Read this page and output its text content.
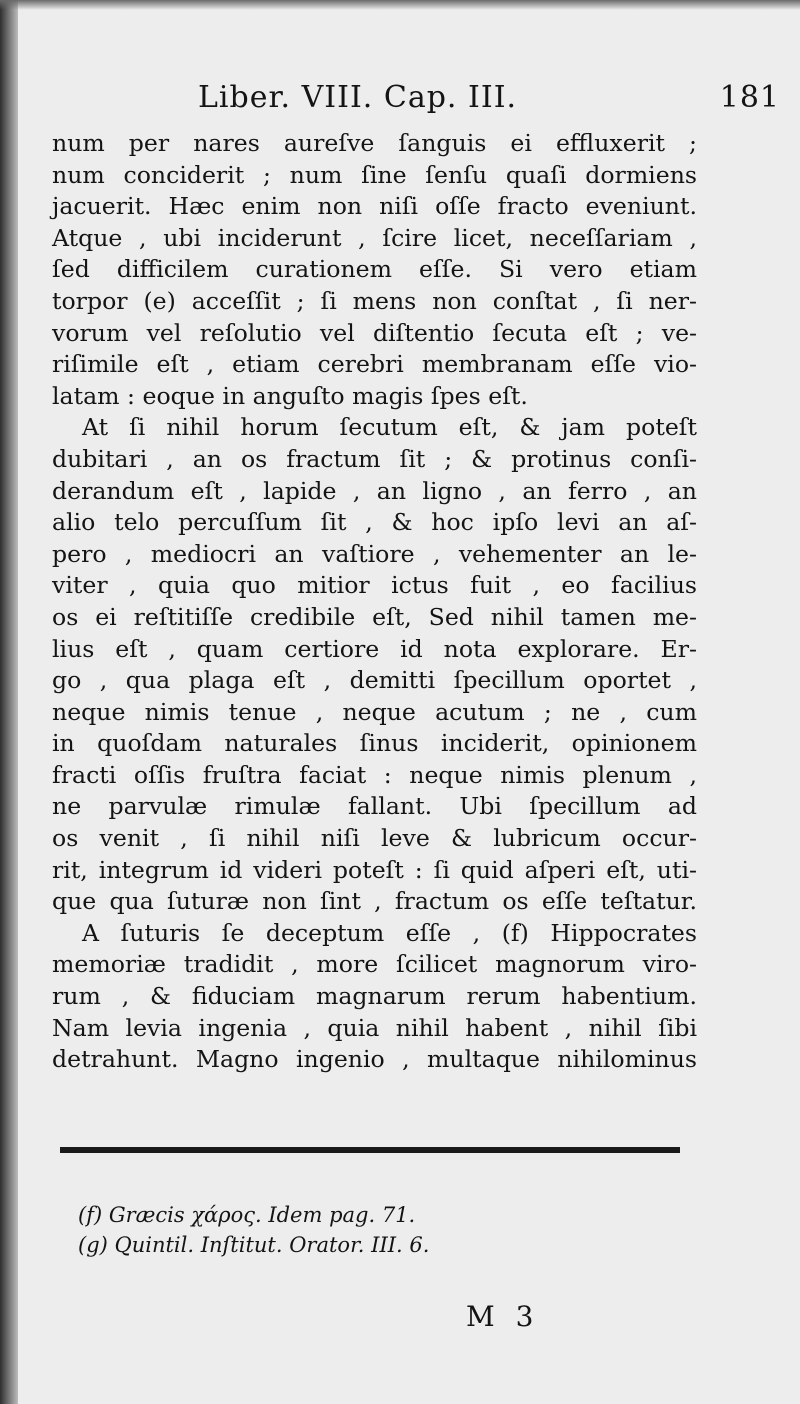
Liber. VIII. Cap. III.	181
num per nares aureſve ſanguis ei effluxerit ;
num conciderit ; num ſine ſenſu quaſi dormiens
jacuerit. Hæc enim non niſi oſſe fracto eveniunt.
Atque , ubi inciderunt , ſcire licet, neceſſariam ,
ſed difficilem curationem eſſe. Si vero etiam
torpor (e) acceſſit ; ſi mens non conſtat , ſi ner-
vorum vel reſolutio vel diſtentio ſecuta eſt ; ve-
riſimile eſt , etiam cerebri membranam eſſe vio-
latam : eoque in anguſto magis ſpes eſt.
At ſi nihil horum ſecutum eſt, & jam poteſt
dubitari , an os fractum ſit ; & protinus conſi-
derandum eſt , lapide , an ligno , an ferro , an
alio telo percuſſum ſit , & hoc ipſo levi an aſ-
pero , mediocri an vaſtiore , vehementer an le-
viter , quia quo mitior ictus fuit , eo facilius
os ei reſtitiſſe credibile eſt, Sed nihil tamen me-
lius eſt , quam certiore id nota explorare. Er-
go , qua plaga eſt , demitti ſpecillum oportet ,
neque nimis tenue , neque acutum ; ne , cum
in quoſdam naturales ſinus inciderit, opinionem
fracti oſſis fruſtra faciat : neque nimis plenum ,
ne parvulæ rimulæ fallant. Ubi ſpecillum ad
os venit , ſi nihil niſi leve & lubricum occur-
rit, integrum id videri poteſt : ſi quid aſperi eſt, uti-
que qua ſuturæ non ſint , fractum os eſſe teſtatur.
A ſuturis ſe deceptum eſſe , (f) Hippocrates
memoriæ tradidit , more ſcilicet magnorum viro-
rum , & fiduciam magnarum rerum habentium.
Nam levia ingenia , quia nihil habent , nihil ſibi
detrahunt. Magno ingenio , multaque nihilominus
(f) Græcis χάρος. Idem pag. 71.
(g) Quintil. Inſtitut. Orator. III. 6.
M 3
